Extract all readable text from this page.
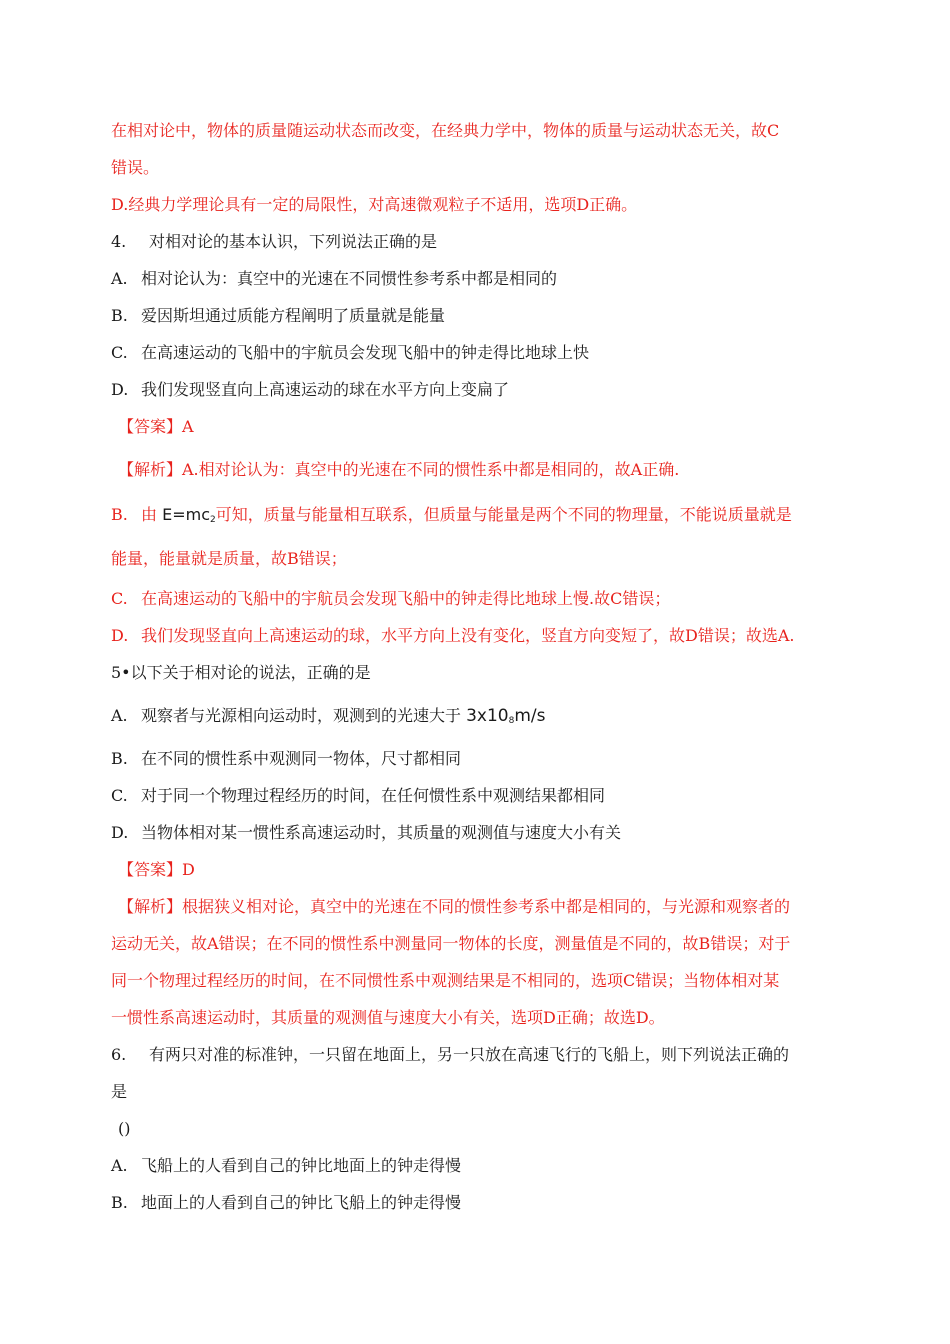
在相对论中，物体的质量随运动状态而改变，在经典力学中，物体的质量与运动状态无关，故C
错误。
D.经典力学理论具有一定的局限性，对高速微观粒子不适用，选项D正确。
4. 对相对论的基本认识，下列说法正确的是
A. 相对论认为：真空中的光速在不同惯性参考系中都是相同的
B. 爱因斯坦通过质能方程阐明了质量就是能量
C. 在高速运动的飞船中的宇航员会发现飞船中的钟走得比地球上快
D. 我们发现竖直向上高速运动的球在水平方向上变扁了
【答案】A
【解析】A.相对论认为：真空中的光速在不同的惯性系中都是相同的，故A正确.
B. 由 $E=mc_2$可知，质量与能量相互联系，但质量与能量是两个不同的物理量，不能说质量就是
能量，能量就是质量，故B错误；
C. 在高速运动的飞船中的宇航员会发现飞船中的钟走得比地球上慢.故C错误；
D. 我们发现竖直向上高速运动的球，水平方向上没有变化，竖直方向变短了，故D错误；故选A.
5•以下关于相对论的说法，正确的是
A. 观察者与光源相向运动时，观测到的光速大于 $3x10^8m/s$
B. 在不同的惯性系中观测同一物体，尺寸都相同
C. 对于同一个物理过程经历的时间，在任何惯性系中观测结果都相同
D. 当物体相对某一惯性系高速运动时，其质量的观测值与速度大小有关
【答案】D
【解析】根据狭义相对论，真空中的光速在不同的惯性参考系中都是相同的，与光源和观察者的
运动无关，故A错误；在不同的惯性系中测量同一物体的长度，测量值是不同的，故B错误；对于
同一个物理过程经历的时间，在不同惯性系中观测结果是不相同的，选项C错误；当物体相对某
一惯性系高速运动时，其质量的观测值与速度大小有关，选项D正确；故选D。
6. 有两只对准的标准钟，一只留在地面上，另一只放在高速飞行的飞船上，则下列说法正确的
是
()
A. 飞船上的人看到自己的钟比地面上的钟走得慢
B. 地面上的人看到自己的钟比飞船上的钟走得慢
